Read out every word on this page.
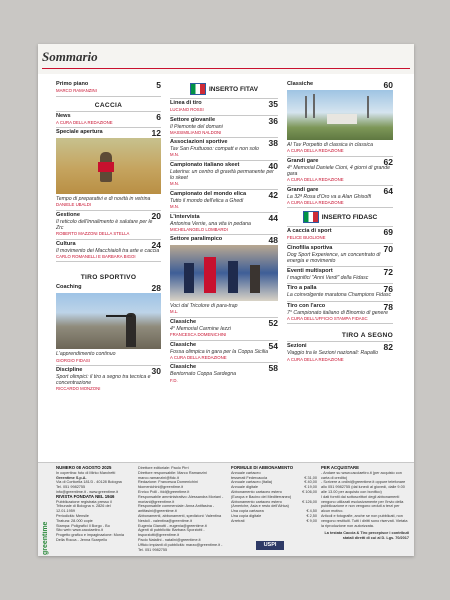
Sommario
Primo piano
MARCO RAMANZINI
5
CACCIA
News
A CURA DELLA REDAZIONE
6
Speciale apertura	12
Tempo di preparativi e di novità in vetrina
DANIELE UBALDI
Gestione	20
Il reticolo dell'innalimento è salutare per le Zrc
ROBERTO MAZZONI DELLA STELLA
Cultura	24
Il movimento dei Macchiaioli tra arte e caccia
CARLO ROMANELLI E BARBARA BIGOI
TIRO SPORTIVO
Coaching	28
L'apprendimento continuo
GIORGIO FIDASI
Discipline	30
Sport olimpici: il tiro a segno tra tecnica e concentrazione
RICCARDO MONZONI
INSERTO FITAV
Linea di tiro
LUCIANO ROSSI
35
Settore giovanile	36
Il Piemonte del domani
MASSIMILIANO NALDONI
Associazioni sportive	38
Tav San Fruttuoso: compatt e non solo
M.N.
Campionato italiano skeet	40
Laterina: un centro di gravità permanente per lo skeet
M.N.
Campionato del mondo elica	42
Tutto il mondo dell'elica a Ghedi
M.N.
L'intervista	44
Antonina Verrie, una vita in pedana
MICHELANGELO LOMBARDI
Settore paralimpico	48
Voci dal Tricolore di para-trap
M.L.
Classiche	52
4° Memorial Carmine Iezzi
FRANCESCA DOMENICHINI
Classiche	54
Fossa olimpica in gara per la Coppa Sicilia
A CURA DELLA REDAZIONE
Classiche	58
Bentornato Coppa Sardegna
F.D.
Classiche	60
Al Tav Porpetto di classica in classica
A CURA DELLA REDAZIONE
Grandi gare	62
4° Memorial Daniele Cioni, 4 giorni di grande gara
A CURA DELLA REDAZIONE
Grandi gare	64
La 32ª Rosa d'Oro va a Alan Ghisolfi
A CURA DELLA REDAZIONE
INSERTO FIDASC
A caccia di sport
FELICE BUGLIONE
69
Cinofilia sportiva	70
Dog Sport Experience, un concentrato di energia e movimento
Eventi multisport	72
I magnifici "Anni Verdi" della Fidasc
Tiro a palla	76
La coinvolgente maratona Champions Fidasc
Tiro con l'arco	78
7° Campionato italiano di Binomio di genere
A CURA DELL'UFFICIO STAMPA FIDASC
TIRO A SEGNO
Sezioni	82
Viaggio tra le Sezioni nazionali: Rapallo
A CURA DELLA REDAZIONE
greentime
NUMERO 08 AGOSTO 2025
In copertina: foto di Mirko Marchetti
Greentime S.p.A.
Via di Corticella 181/3 - 40128 Bologna
Tel. 051 9982755
info@greentime.it - www.greentime.it
RIVISTA FONDATA NEL 1946
Pubblicazione registrata presso il Tribunale di Bologna n. 2826 del 12.01.1959
Periodicità: Mensile
Tiratura: 28.000 copie
Stampa: Poligrafici Il Borgo - Bo
Sito web: www.cacciaetiro.it
Progetto grafico e impaginazione: Monia Della Rocca - Jenna Scarpello
Direttore editoriale: Paolo Pirri
Direttore responsabile: Marco Ramanzini
marco.ramanzini@fidc.it
Redazione: Francesca Domenichini
fdomenichini@greentime.it
Enrico Polli - fdd@greentime.it
Responsabile amministrativo: Alessandra Moriani - moriani@greentime.it
Responsabile commerciale: Anna Antifasina - antifasini@greentime.it
Abbonamenti, abbonamenti, spedizioni: Valentina Nestoli - valentina@greentime.it
Eugenia Gianotti - eugenia@greentime.it
Agenti di pubblicità: Barbara Sporziotti - bsporziotti@greentime.it
Paolo Natalini - natalini@greentime.it
Ufficio impianti di pubblicità: marzo@greentime.it - Tel. 051 9982755
FORMULE DI ABBONAMENTO
Annuale cartaceo
tesserati Federcaccia	€ 31,00
Annuale cartaceo (Italia)	€ 40,00
Annuale digitale	€ 19,00
Abbonamento cartaceo estero	€ 106,00
(Europa e Bacino del Mediterraneo)
Abbonamento cartaceo estero	€ 126,00
(Americhe, Asia e resto dell'Africa)
Una copia cartacea	€ 4,50
Una copia digitale	€ 2,50
Arretrati	€ 9,00
USPI
PER ACQUISTARE
- Andare su www.cacciaetiro.it (per acquisto con carta di credito)
- Scrivere a ordini@greentime.it oppure telefonare allo 051 9982755 (dal lunedì al giovedì, dalle 9.00 alle 13.00 per acquisto con bonifico)
I dati forniti dai sottoscrittori degli abbonamenti vengono utilizzati esclusivamente per l'invio della pubblicazione e non vengono ceduti a terzi per alcun motivo.
Articoli e fotografie, anche se non pubblicati, non vengono restituiti. Tutti i diritti sono riservati. Vietata la riproduzione non autorizzata.
La testata Caccia & Tiro percepisce i contributi statali diretti di cui al D. Lgs. 70/2017
